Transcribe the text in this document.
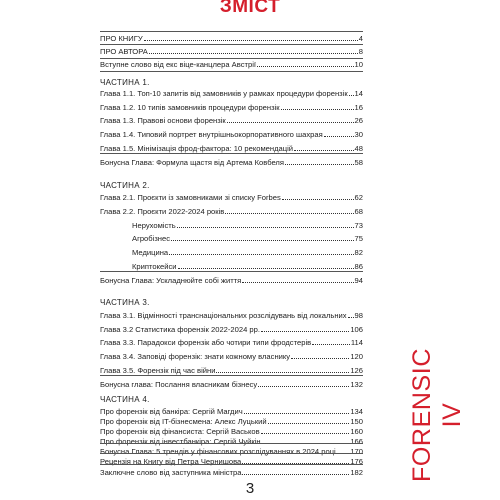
ЗМІСТ
ПРО КНИГУ	4
ПРО АВТОРА	8
Вступне слово від екс віце-канцлера Австрії	10
ЧАСТИНА 1.
Глава 1.1. Топ-10 запитів від замовників у рамках процедури форензік 14
Глава 1.2. 10 типів замовників процедури форензік	16
Глава 1.3. Правові основи форензік	26
Глава 1.4. Типовий портрет внутрішньокорпоративного шахрая	30
Глава 1.5. Мінімізація фрод-фактора: 10 рекомендацій	48
Бонусна Глава: Формула щастя від Артема Ковбеля	58
ЧАСТИНА 2.
Глава 2.1. Проєкти із замовниками зі списку Forbes	62
Глава 2.2. Проєкти 2022-2024 років	68
Нерухомість	73
Агробізнес	75
Медицина	82
Криптокейси	86
Бонусна Глава: Ускладнюйте собі життя	94
ЧАСТИНА 3.
Глава 3.1. Відмінності транснаціональних розслідувань від локальних 98
Глава 3.2 Статистика форензік 2022-2024 рр.	106
Глава 3.3. Парадокси форензік або чотири типи фродстерів	114
Глава 3.4. Заповіді форензік: знати кожному власнику	120
Глава 3.5. Форензік під час війни	126
Бонусна глава: Послання власникам бізнесу	132
ЧАСТИНА 4.
Про форензік від банкіра: Сергій Магдич	134
Про форензік від IT-бізнесмена: Алекс Луцький	150
Про форензік від фінансиста: Сергій Васьков	160
Про форензік від інвестбанкіра: Сергій Чуйкін	166
Бонусна Глава: 5 трендів у фінансових розслідуваннях в 2024 році 170
Рецензія на Книгу від Петра Чернишова	176
Заключне слово від заступника міністра	182 FORENSIC IV
3
